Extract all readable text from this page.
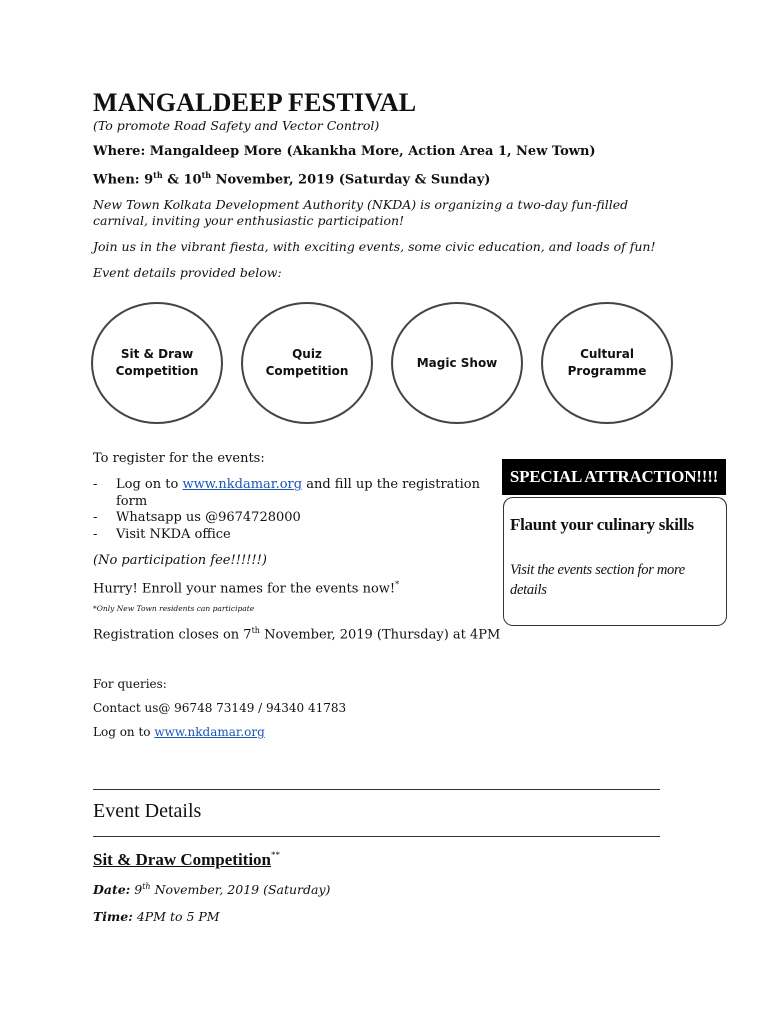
MANGALDEEP FESTIVAL
(To promote Road Safety and Vector Control)
Where: Mangaldeep More (Akankha More, Action Area 1, New Town)
When: 9th & 10th November, 2019 (Saturday & Sunday)
New Town Kolkata Development Authority (NKDA) is organizing a two-day fun-filled carnival, inviting your enthusiastic participation!
Join us in the vibrant fiesta, with exciting events, some civic education, and loads of fun!
Event details provided below:
Sit & Draw
Competition
Quiz
Competition
Magic Show
Cultural
Programme
To register for the events:
- Log on to www.nkdamar.org and fill up the registration form
- Whatsapp us @9674728000
- Visit NKDA office
(No participation fee!!!!!!)
Hurry! Enroll your names for the events now!*
*Only New Town residents can participate
Registration closes on 7th November, 2019 (Thursday) at 4PM
For queries:
Contact us@ 96748 73149 / 94340 41783
Log on to www.nkdamar.org
SPECIAL ATTRACTION!!!!
Flaunt your culinary skills
Visit the events section for more details
Event Details
Sit & Draw Competition**
Date: 9th November, 2019 (Saturday)
Time: 4PM to 5 PM
